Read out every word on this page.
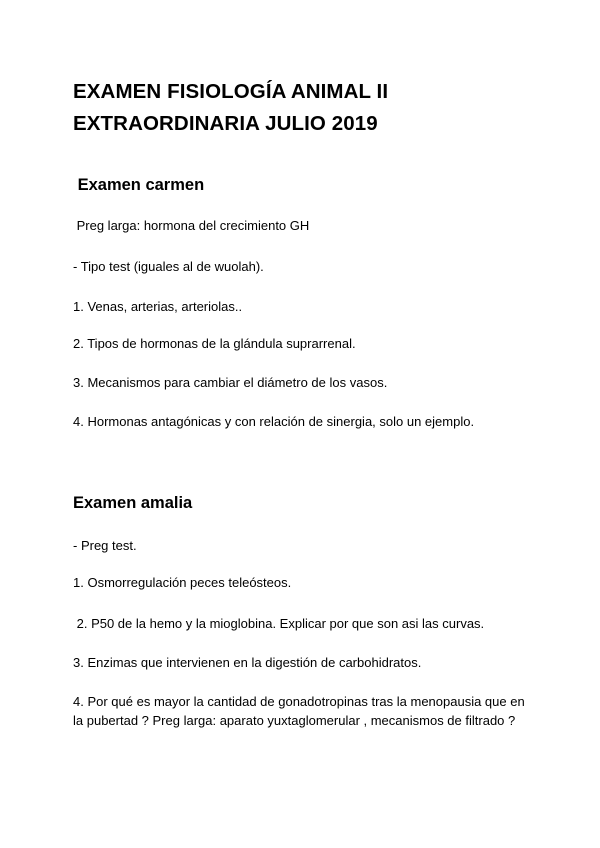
EXAMEN FISIOLOGÍA ANIMAL II
EXTRAORDINARIA JULIO 2019
Examen carmen
Preg larga: hormona del crecimiento GH
- Tipo test (iguales al de wuolah).
1. Venas, arterias, arteriolas..
2. Tipos de hormonas de la glándula suprarrenal.
3. Mecanismos para cambiar el diámetro de los vasos.
4. Hormonas antagónicas y con relación de sinergia, solo un ejemplo.
Examen amalia
- Preg test.
1. Osmorregulación peces teleósteos.
2. P50 de la hemo y la mioglobina. Explicar por que son asi las curvas.
3. Enzimas que intervienen en la digestión de carbohidratos.
4. Por qué es mayor la cantidad de gonadotropinas tras la menopausia que en la pubertad ? Preg larga: aparato yuxtaglomerular , mecanismos de filtrado ?
